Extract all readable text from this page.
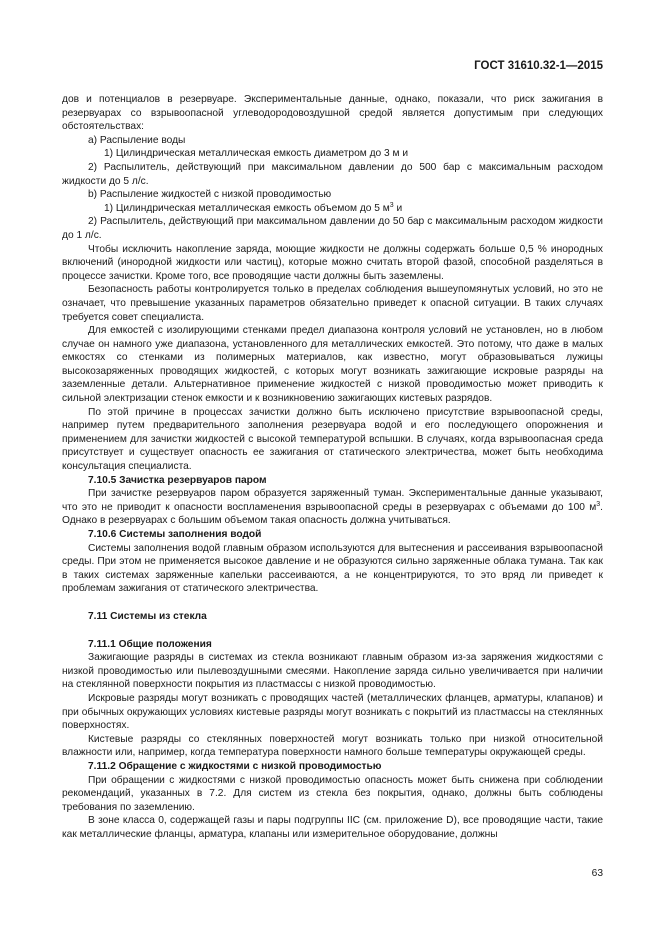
ГОСТ 31610.32-1—2015

дов и потенциалов в резервуаре. Экспериментальные данные, однако, показали, что риск зажигания в резервуарах со взрывоопасной углеводородовоздушной средой является допустимым при следующих обстоятельствах:

a) Распыление воды

1) Цилиндрическая металлическая емкость диаметром до 3 м и

2) Распылитель, действующий при максимальном давлении до 500 бар с максимальным расходом жидкости до 5 л/с.

b) Распыление жидкостей с низкой проводимостью

1) Цилиндрическая металлическая емкость объемом до 5 $м^3$ и

2) Распылитель, действующий при максимальном давлении до 50 бар с максимальным расходом жидкости до 1 л/с.

Чтобы исключить накопление заряда, моющие жидкости не должны содержать больше 0,5 % инородных включений (инородной жидкости или частиц), которые можно считать второй фазой, способной разделяться в процессе зачистки. Кроме того, все проводящие части должны быть заземлены.

Безопасность работы контролируется только в пределах соблюдения вышеупомянутых условий, но это не означает, что превышение указанных параметров обязательно приведет к опасной ситуации. В таких случаях требуется совет специалиста.

Для емкостей с изолирующими стенками предел диапазона контроля условий не установлен, но в любом случае он намного уже диапазона, установленного для металлических емкостей. Это потому, что даже в малых емкостях со стенками из полимерных материалов, как известно, могут образовываться лужицы высокозаряженных проводящих жидкостей, с которых могут возникать зажигающие искровые разряды на заземленные детали. Альтернативное применение жидкостей с низкой проводимостью может приводить к сильной электризации стенок емкости и к возникновению зажигающих кистевых разрядов.

По этой причине в процессах зачистки должно быть исключено присутствие взрывоопасной среды, например путем предварительного заполнения резервуара водой и его последующего опорожнения и применением для зачистки жидкостей с высокой температурой вспышки. В случаях, когда взрывоопасная среда присутствует и существует опасность ее зажигания от статического электричества, может быть необходима консультация специалиста.

7.10.5 Зачистка резервуаров паром

При зачистке резервуаров паром образуется заряженный туман. Экспериментальные данные указывают, что это не приводит к опасности воспламенения взрывоопасной среды в резервуарах с объемами до 100 $м^3$. Однако в резервуарах с большим объемом такая опасность должна учитываться.

7.10.6 Системы заполнения водой

Системы заполнения водой главным образом используются для вытеснения и рассеивания взрывоопасной среды. При этом не применяется высокое давление и не образуются сильно заряженные облака тумана. Так как в таких системах заряженные капельки рассеиваются, а не концентрируются, то это вряд ли приведет к проблемам зажигания от статического электричества.

7.11 Системы из стекла

7.11.1 Общие положения

Зажигающие разряды в системах из стекла возникают главным образом из-за заряжения жидкостями с низкой проводимостью или пылевоздушными смесями. Накопление заряда сильно увеличивается при наличии на стеклянной поверхности покрытия из пластмассы с низкой проводимостью.

Искровые разряды могут возникать с проводящих частей (металлических фланцев, арматуры, клапанов) и при обычных окружающих условиях кистевые разряды могут возникать с покрытий из пластмассы на стеклянных поверхностях.

Кистевые разряды со стеклянных поверхностей могут возникать только при низкой относительной влажности или, например, когда температура поверхности намного больше температуры окружающей среды.

7.11.2 Обращение с жидкостями с низкой проводимостью

При обращении с жидкостями с низкой проводимостью опасность может быть снижена при соблюдении рекомендаций, указанных в 7.2. Для систем из стекла без покрытия, однако, должны быть соблюдены требования по заземлению.

В зоне класса 0, содержащей газы и пары подгруппы IIC (см. приложение D), все проводящие части, такие как металлические фланцы, арматура, клапаны или измерительное оборудование, должны

63
